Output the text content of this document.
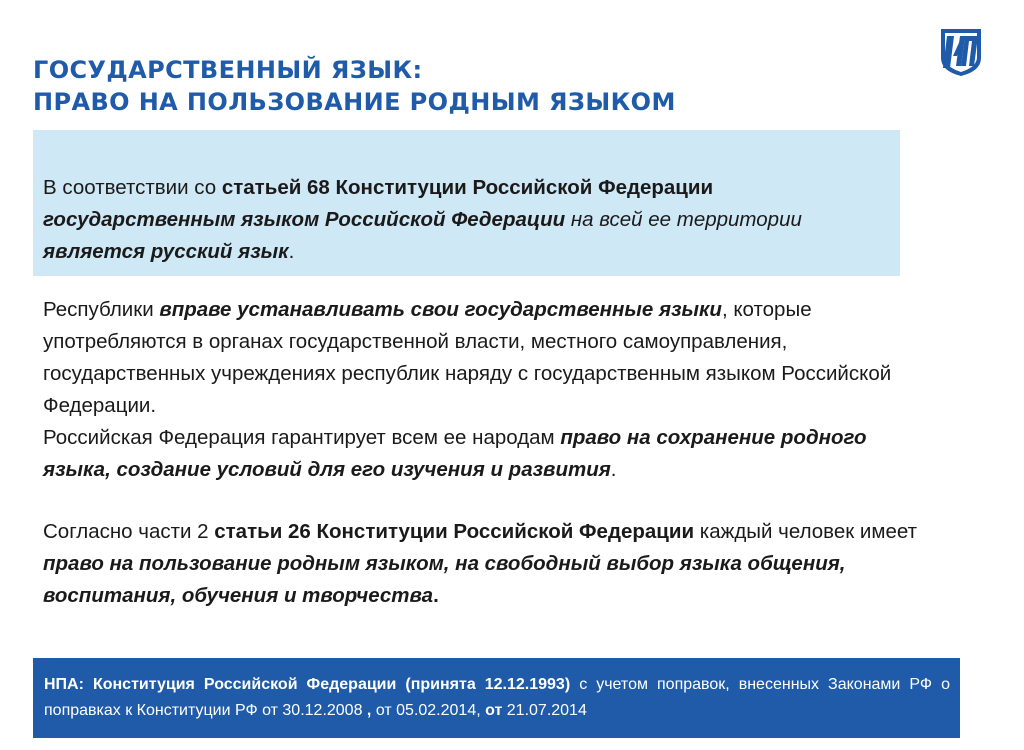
ГОСУДАРСТВЕННЫЙ ЯЗЫК:
ПРАВО НА ПОЛЬЗОВАНИЕ РОДНЫМ ЯЗЫКОМ

В соответствии со статьей 68 Конституции Российской Федерации государственным языком Российской Федерации на всей ее территории является русский язык.

Республики вправе устанавливать свои государственные языки, которые употребляются в органах государственной власти, местного самоуправления, государственных учреждениях республик наряду с государственным языком Российской Федерации.

Российская Федерация гарантирует всем ее народам право на сохранение родного языка, создание условий для его изучения и развития.

Согласно части 2 статьи 26 Конституции Российской Федерации каждый человек имеет право на пользование родным языком, на свободный выбор языка общения, воспитания, обучения и творчества.

НПА: Конституция Российской Федерации (принята 12.12.1993) с учетом поправок, внесенных Законами РФ о поправках к Конституции РФ от 30.12.2008 , от 05.02.2014, от 21.07.2014
